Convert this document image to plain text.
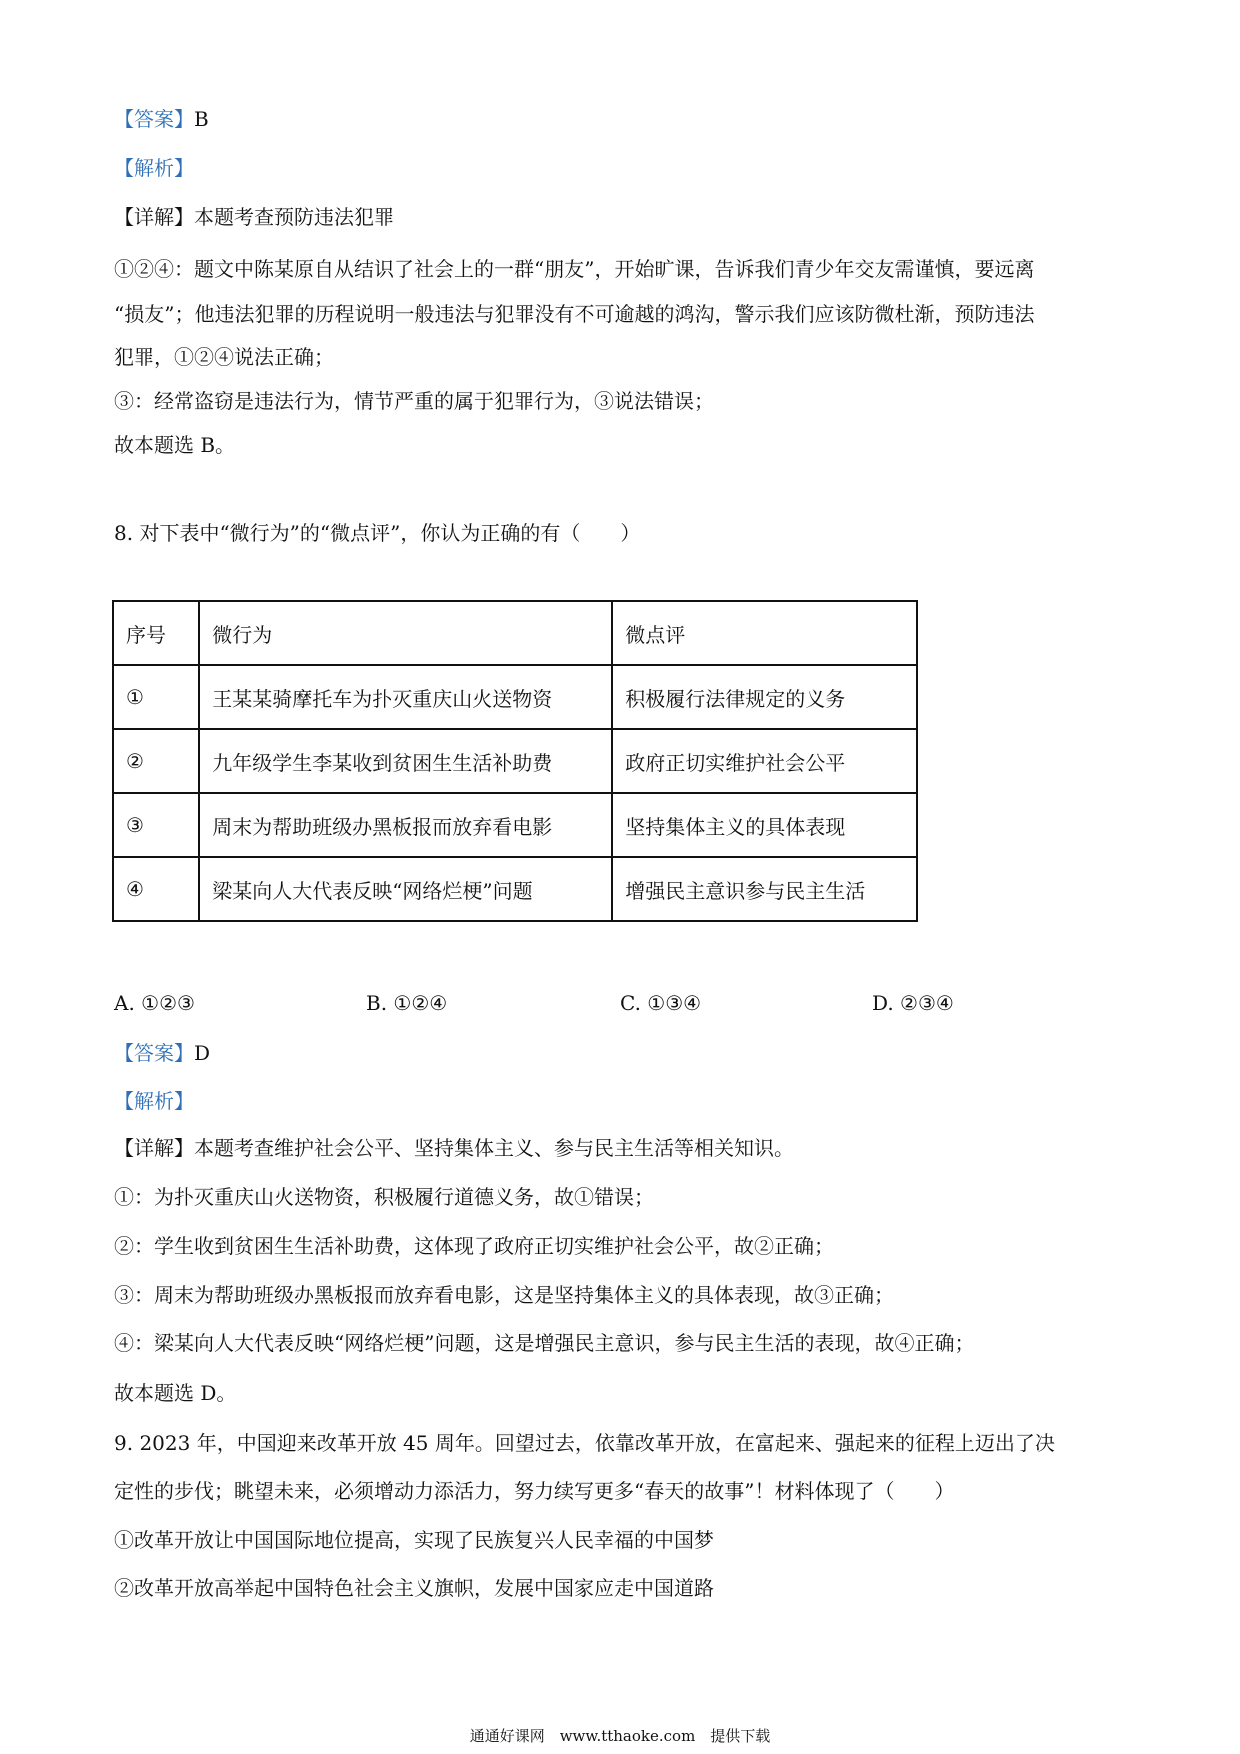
【答案】B
【解析】
【详解】本题考查预防违法犯罪
①②④：题文中陈某原自从结识了社会上的一群“朋友”，开始旷课，告诉我们青少年交友需谨慎，要远离
“损友”；他违法犯罪的历程说明一般违法与犯罪没有不可逾越的鸿沟，警示我们应该防微杜渐，预防违法
犯罪，①②④说法正确；
③：经常盗窃是违法行为，情节严重的属于犯罪行为，③说法错误；
故本题选 B。
8. 对下表中“微行为”的“微点评”，你认为正确的有（　　）
序号	微行为	微点评
①	王某某骑摩托车为扑灭重庆山火送物资	积极履行法律规定的义务
②	九年级学生李某收到贫困生生活补助费	政府正切实维护社会公平
③	周末为帮助班级办黑板报而放弃看电影	坚持集体主义的具体表现
④	梁某向人大代表反映“网络烂梗”问题	增强民主意识参与民主生活
A. ①②③	B. ①②④	C. ①③④	D. ②③④
【答案】D
【解析】
【详解】本题考查维护社会公平、坚持集体主义、参与民主生活等相关知识。
①：为扑灭重庆山火送物资，积极履行道德义务，故①错误；
②：学生收到贫困生生活补助费，这体现了政府正切实维护社会公平，故②正确；
③：周末为帮助班级办黑板报而放弃看电影，这是坚持集体主义的具体表现，故③正确；
④：梁某向人大代表反映“网络烂梗”问题，这是增强民主意识，参与民主生活的表现，故④正确；
故本题选 D。
9. 2023 年，中国迎来改革开放 45 周年。回望过去，依靠改革开放，在富起来、强起来的征程上迈出了决
定性的步伐；眺望未来，必须增动力添活力，努力续写更多“春天的故事”！材料体现了（　　）
①改革开放让中国国际地位提高，实现了民族复兴人民幸福的中国梦
②改革开放高举起中国特色社会主义旗帜，发展中国家应走中国道路
通通好课网　www.tthaoke.com　提供下载
